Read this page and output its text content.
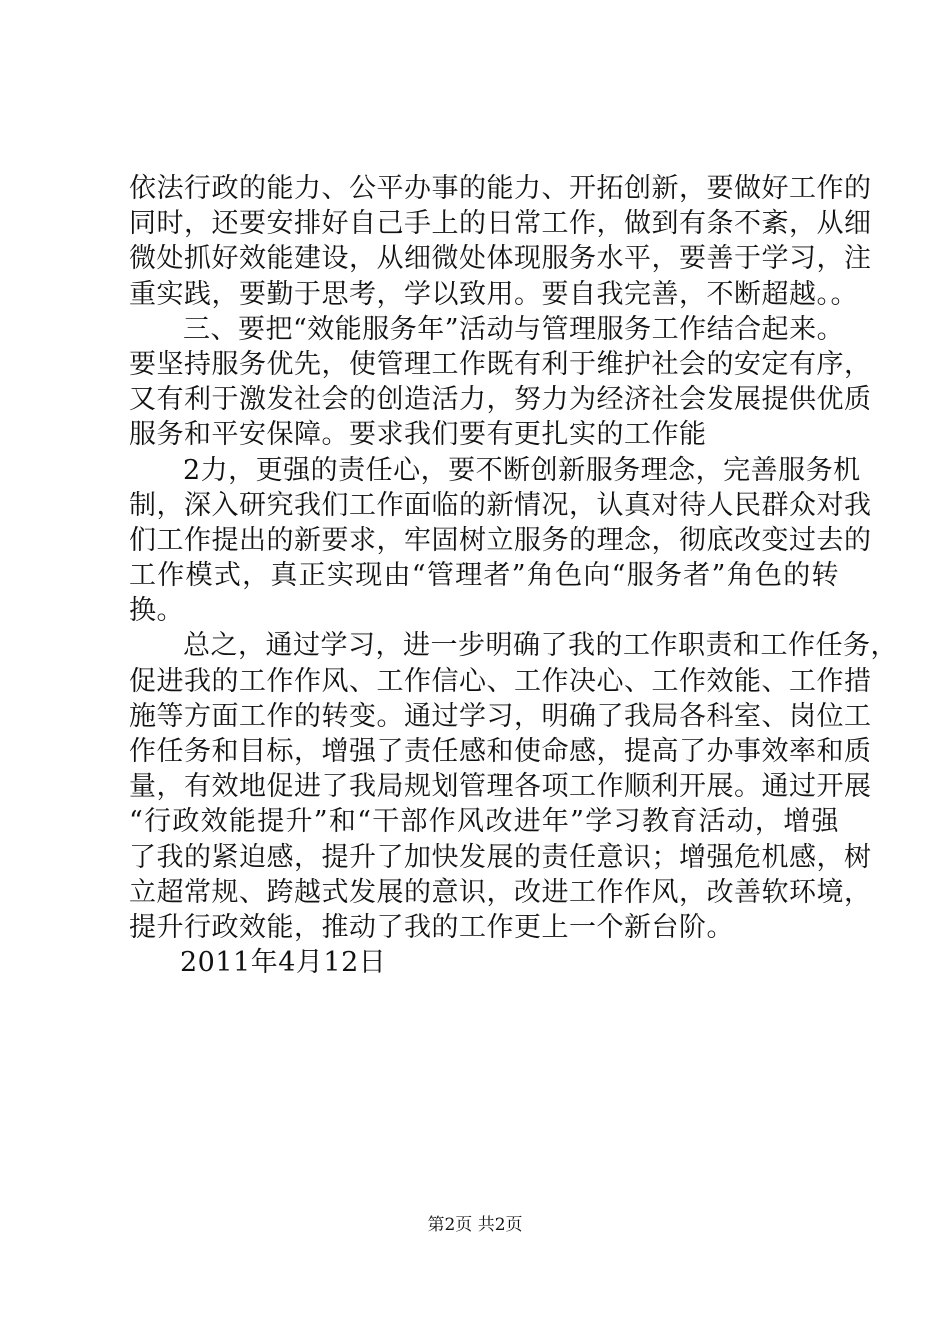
依法行政的能力、公平办事的能力、开拓创新，要做好工作的
同时，还要安排好自己手上的日常工作，做到有条不紊，从细
微处抓好效能建设，从细微处体现服务水平，要善于学习，注
重实践，要勤于思考，学以致用。要自我完善，不断超越。。
三、要把“效能服务年”活动与管理服务工作结合起来。
要坚持服务优先，使管理工作既有利于维护社会的安定有序，
又有利于激发社会的创造活力，努力为经济社会发展提供优质
服务和平安保障。要求我们要有更扎实的工作能
2力，更强的责任心，要不断创新服务理念，完善服务机
制，深入研究我们工作面临的新情况，认真对待人民群众对我
们工作提出的新要求，牢固树立服务的理念，彻底改变过去的
工作模式，真正实现由“管理者”角色向“服务者”角色的转
换。
总之，通过学习，进一步明确了我的工作职责和工作任务，
促进我的工作作风、工作信心、工作决心、工作效能、工作措
施等方面工作的转变。通过学习，明确了我局各科室、岗位工
作任务和目标，增强了责任感和使命感，提高了办事效率和质
量，有效地促进了我局规划管理各项工作顺利开展。通过开展
“行政效能提升”和“干部作风改进年”学习教育活动，增强
了我的紧迫感，提升了加快发展的责任意识；增强危机感，树
立超常规、跨越式发展的意识，改进工作作风，改善软环境，
提升行政效能，推动了我的工作更上一个新台阶。
2011年4月12日
第2页 共2页
